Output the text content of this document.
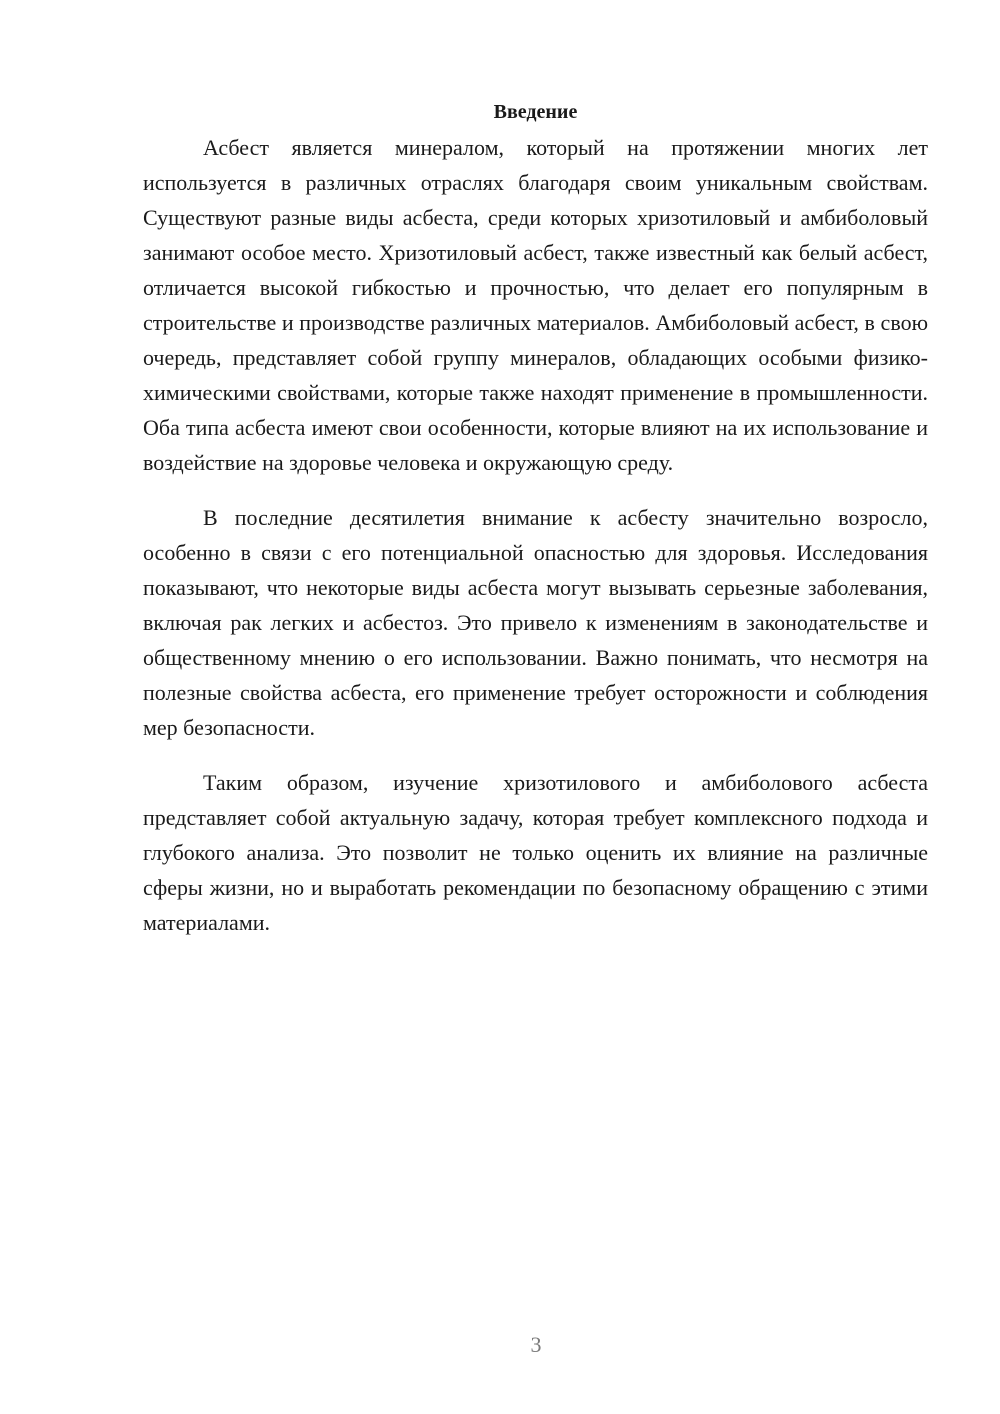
Введение

Асбест является минералом, который на протяжении многих лет используется в различных отраслях благодаря своим уникальным свойствам. Существуют разные виды асбеста, среди которых хризотиловый и амбиболовый занимают особое место. Хризотиловый асбест, также известный как белый асбест, отличается высокой гибкостью и прочностью, что делает его популярным в строительстве и производстве различных материалов. Амбиболовый асбест, в свою очередь, представляет собой группу минералов, обладающих особыми физико-химическими свойствами, которые также находят применение в промышленности. Оба типа асбеста имеют свои особенности, которые влияют на их использование и воздействие на здоровье человека и окружающую среду.

В последние десятилетия внимание к асбесту значительно возросло, особенно в связи с его потенциальной опасностью для здоровья. Исследования показывают, что некоторые виды асбеста могут вызывать серьезные заболевания, включая рак легких и асбестоз. Это привело к изменениям в законодательстве и общественному мнению о его использовании. Важно понимать, что несмотря на полезные свойства асбеста, его применение требует осторожности и соблюдения мер безопасности.

Таким образом, изучение хризотилового и амбиболового асбеста представляет собой актуальную задачу, которая требует комплексного подхода и глубокого анализа. Это позволит не только оценить их влияние на различные сферы жизни, но и выработать рекомендации по безопасному обращению с этими материалами.

3
